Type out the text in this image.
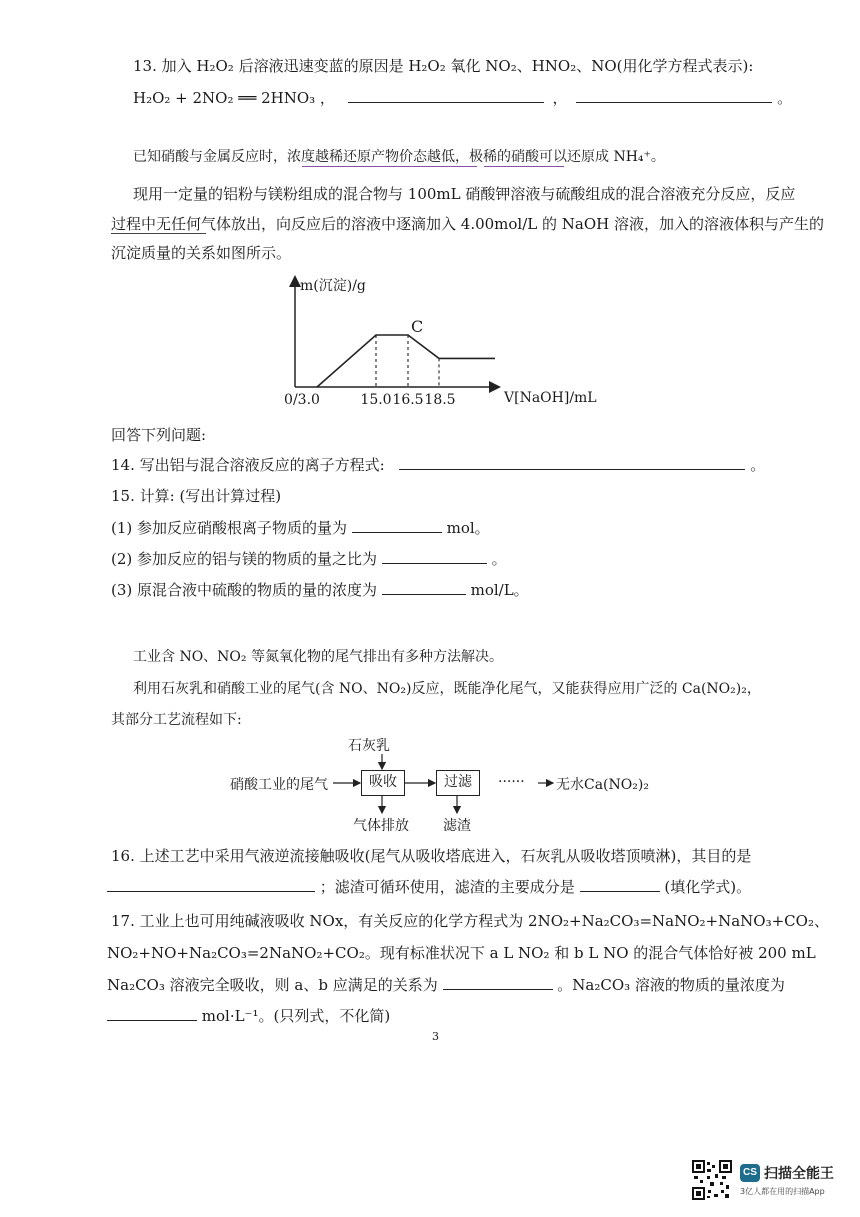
13. 加入 H₂O₂ 后溶液迅速变蓝的原因是 H₂O₂ 氧化 NO₂、HNO₂、NO(用化学方程式表示):
H₂O₂ + 2NO₂ ══ 2HNO₃ ，	，	。
已知硝酸与金属反应时，浓度越稀还原产物价态越低，极稀的硝酸可以还原成 NH₄⁺。
现用一定量的铝粉与镁粉组成的混合物与 100mL 硝酸钾溶液与硫酸组成的混合溶液充分反应，反应
过程中无任何气体放出，向反应后的溶液中逐滴加入 4.00mol/L 的 NaOH 溶液，加入的溶液体积与产生的
沉淀质量的关系如图所示。
m(沉淀)/g
V[NaOH]/mL
0/3.0	15.0 16.5 18.5
C
回答下列问题:
14. 写出铝与混合溶液反应的离子方程式:	。
15. 计算: (写出计算过程)
(1) 参加反应硝酸根离子物质的量为	mol。
(2) 参加反应的铝与镁的物质的量之比为	。
(3) 原混合液中硫酸的物质的量的浓度为	mol/L。
工业含 NO、NO₂ 等氮氧化物的尾气排出有多种方法解决。
利用石灰乳和硝酸工业的尾气(含 NO、NO₂)反应，既能净化尾气，又能获得应用广泛的 Ca(NO₂)₂，
其部分工艺流程如下:
石灰乳
硝酸工业的尾气	吸收	过滤	······ 无水Ca(NO₂)₂
气体排放 滤渣
16. 上述工艺中采用气液逆流接触吸收(尾气从吸收塔底进入，石灰乳从吸收塔顶喷淋)，其目的是
；滤渣可循环使用，滤渣的主要成分是	(填化学式)。
17. 工业上也可用纯碱液吸收 NOx，有关反应的化学方程式为 2NO₂+Na₂CO₃=NaNO₂+NaNO₃+CO₂、
NO₂+NO+Na₂CO₃=2NaNO₂+CO₂。现有标准状况下 a L NO₂ 和 b L NO 的混合气体恰好被 200 mL
Na₂CO₃ 溶液完全吸收，则 a、b 应满足的关系为	。Na₂CO₃ 溶液的物质的量浓度为
mol·L⁻¹。(只列式，不化简)
3
CS 扫描全能王
3亿人都在用的扫描App
